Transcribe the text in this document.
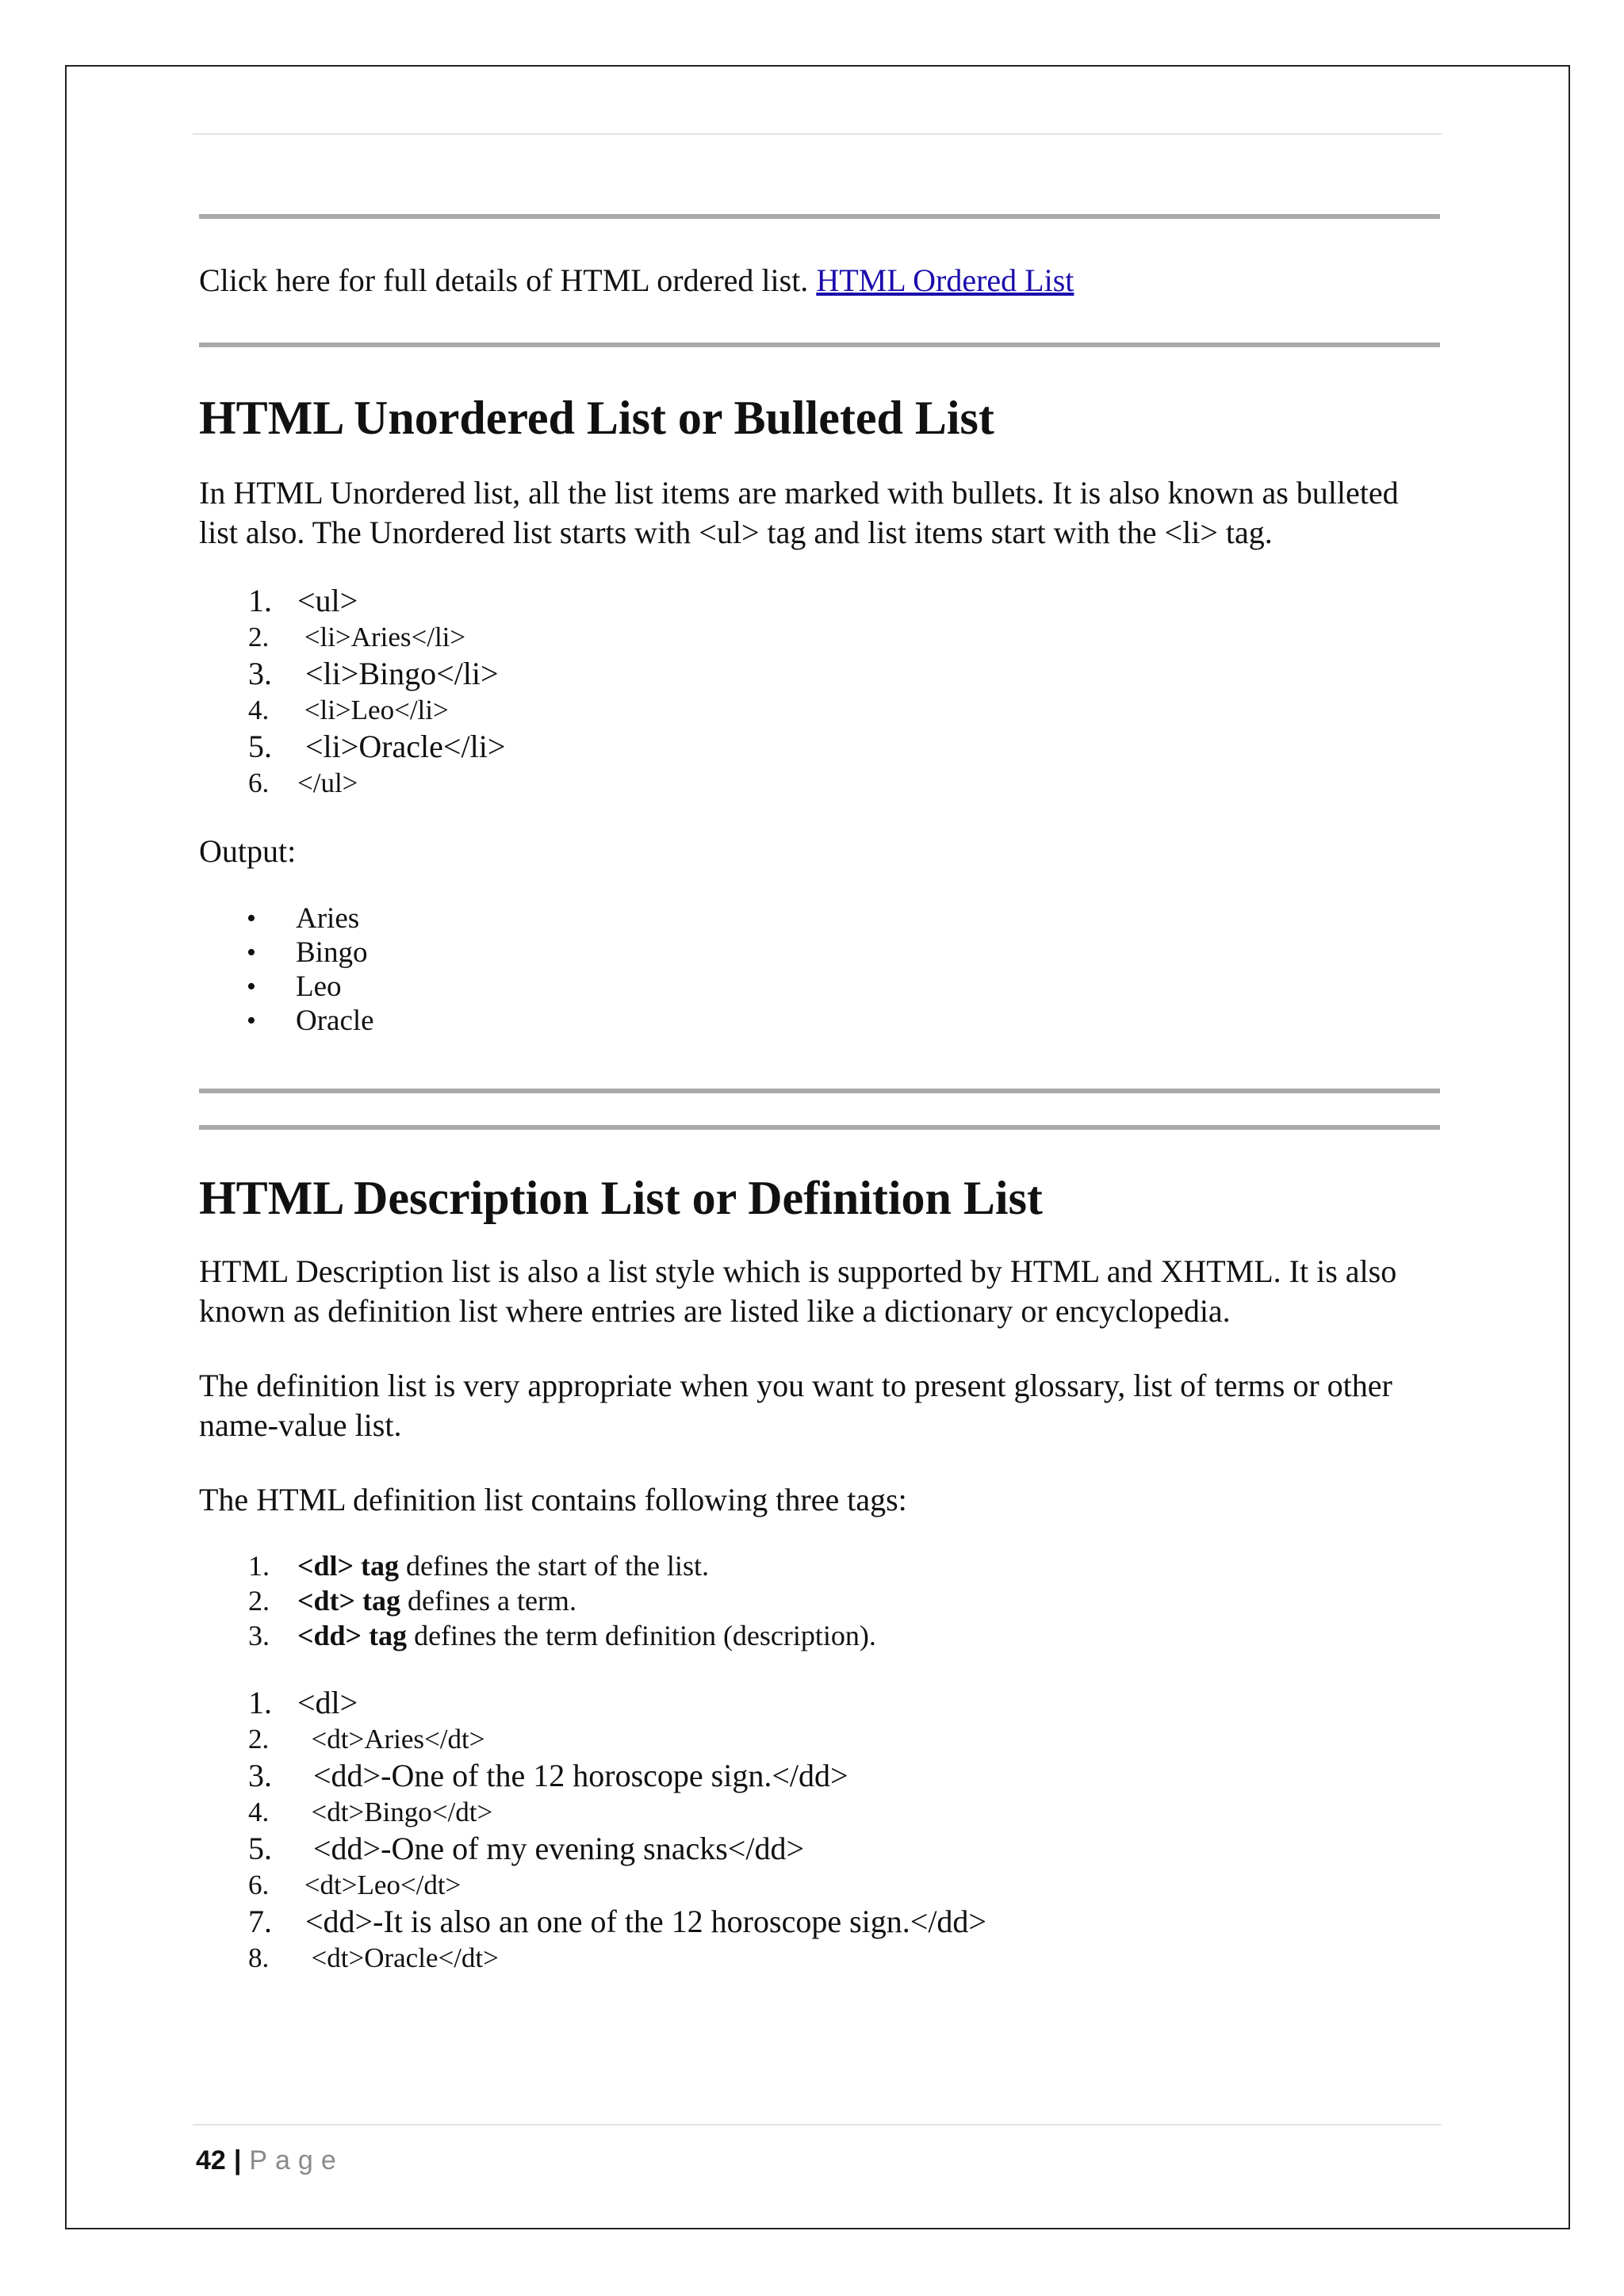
Click here for full details of HTML ordered list. HTML Ordered List

HTML Unordered List or Bulleted List

In HTML Unordered list, all the list items are marked with bullets. It is also known as bulleted list also. The Unordered list starts with <ul> tag and list items start with the <li> tag.

1. <ul>
2.	<li>Aries</li>
3. <li>Bingo</li>
4.	<li>Leo</li>
5. <li>Oracle</li>
6.	</ul>

Output:

•	Aries
•	Bingo
•	Leo
•	Oracle
HTML Description List or Definition List

HTML Description list is also a list style which is supported by HTML and XHTML. It is also known as definition list where entries are listed like a dictionary or encyclopedia.

The definition list is very appropriate when you want to present glossary, list of terms or other name-value list.

The HTML definition list contains following three tags:

1. <dl> tag defines the start of the list.
2. <dt> tag defines a term.
3. <dd> tag defines the term definition (description).
1. <dl>
2.	<dt>Aries</dt>
3. <dd>-One of the 12 horoscope sign.</dd>
4.	<dt>Bingo</dt>
5. <dd>-One of my evening snacks</dd>
6.	<dt>Leo</dt>
7. <dd>-It is also an one of the 12 horoscope sign.</dd>
8.	<dt>Oracle</dt>
42 | Page
